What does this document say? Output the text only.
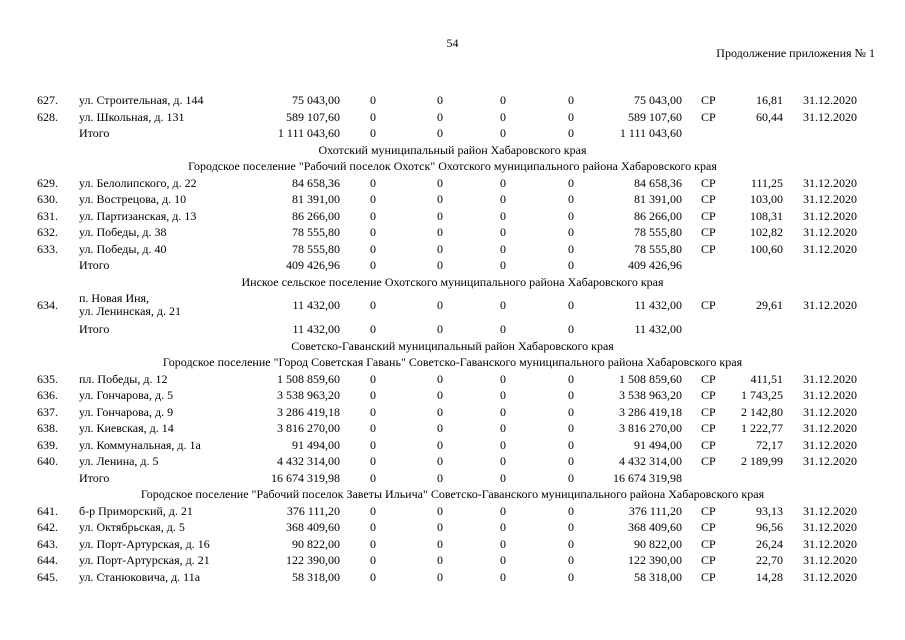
54
Продолжение приложения № 1
627.	ул. Строительная, д. 144	75 043,00	0	0	0	0	75 043,00 СР	16,81 31.12.2020
628.	ул. Школьная, д. 131	589 107,60	0	0	0	0	589 107,60 СР	60,44 31.12.2020
Итого	1 111 043,60	0	0	0	0	1 111 043,60
Охотский муниципальный район Хабаровского края
Городское поселение "Рабочий поселок Охотск" Охотского муниципального района Хабаровского края
629.	ул. Белолипского, д. 22	84 658,36	0	0	0	0	84 658,36 СР	111,25 31.12.2020
630.	ул. Вострецова, д. 10	81 391,00	0	0	0	0	81 391,00 СР	103,00 31.12.2020
631.	ул. Партизанская, д. 13	86 266,00	0	0	0	0	86 266,00 СР	108,31 31.12.2020
632.	ул. Победы, д. 38	78 555,80	0	0	0	0	78 555,80 СР	102,82 31.12.2020
633.	ул. Победы, д. 40	78 555,80	0	0	0	0	78 555,80 СР	100,60 31.12.2020
Итого	409 426,96	0	0	0	0	409 426,96
Инское сельское поселение Охотского муниципального района Хабаровского края
634.	п. Новая Иня,
ул. Ленинская, д. 21	11 432,00	0	0	0	0	11 432,00 СР	29,61 31.12.2020
Итого	11 432,00	0	0	0	0	11 432,00
Советско-Гаванский муниципальный район Хабаровского края
Городское поселение "Город Советская Гавань" Советско-Гаванского муниципального района Хабаровского края
635.	пл. Победы, д. 12	1 508 859,60	0	0	0	0	1 508 859,60 СР	411,51 31.12.2020
636.	ул. Гончарова, д. 5	3 538 963,20	0	0	0	0	3 538 963,20 СР	1 743,25 31.12.2020
637.	ул. Гончарова, д. 9	3 286 419,18	0	0	0	0	3 286 419,18 СР	2 142,80 31.12.2020
638.	ул. Киевская, д. 14	3 816 270,00	0	0	0	0	3 816 270,00 СР	1 222,77 31.12.2020
639.	ул. Коммунальная, д. 1а	91 494,00	0	0	0	0	91 494,00 СР	72,17 31.12.2020
640.	ул. Ленина, д. 5	4 432 314,00	0	0	0	0	4 432 314,00 СР	2 189,99 31.12.2020
Итого	16 674 319,98	0	0	0	0	16 674 319,98
Городское поселение "Рабочий поселок Заветы Ильича" Советско-Гаванского муниципального района Хабаровского края
641.	б-р Приморский, д. 21	376 111,20	0	0	0	0	376 111,20 СР	93,13 31.12.2020
642.	ул. Октябрьская, д. 5	368 409,60	0	0	0	0	368 409,60 СР	96,56 31.12.2020
643.	ул. Порт-Артурская, д. 16	90 822,00	0	0	0	0	90 822,00 СР	26,24 31.12.2020
644.	ул. Порт-Артурская, д. 21	122 390,00	0	0	0	0	122 390,00 СР	22,70 31.12.2020
645.	ул. Станюковича, д. 11а	58 318,00	0	0	0	0	58 318,00 СР	14,28 31.12.2020
